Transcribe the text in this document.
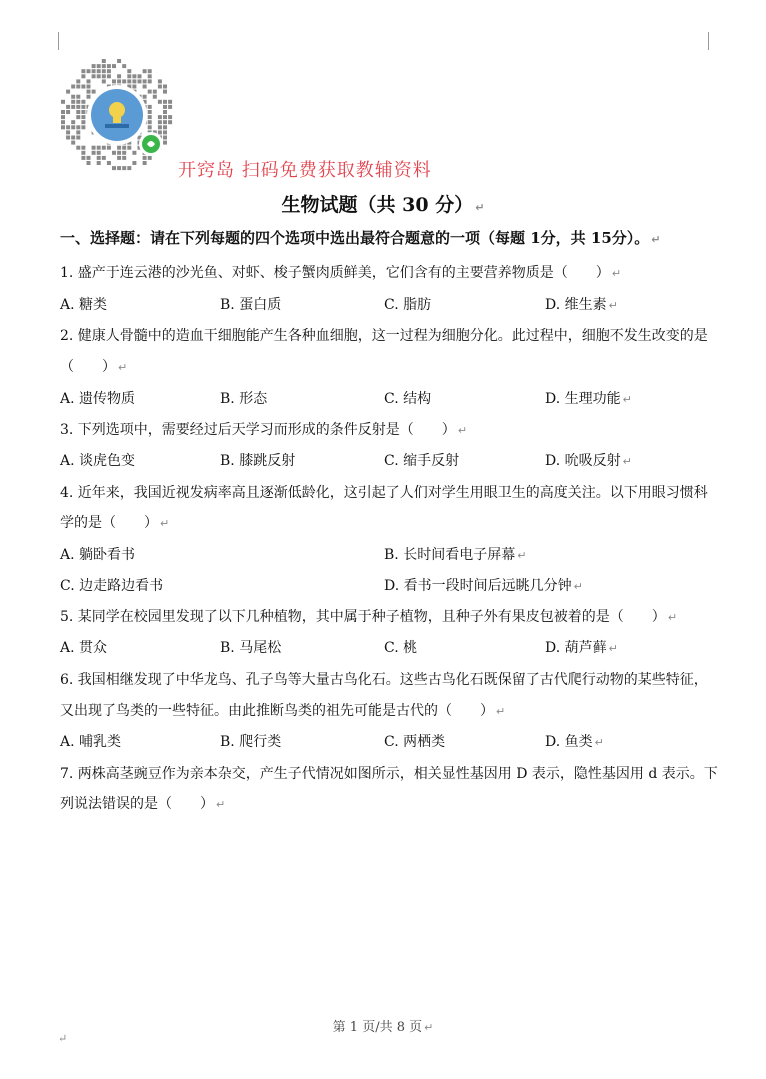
开窍岛 扫码免费获取教辅资料
生物试题（共 30 分） ↵
一、选择题：请在下列每题的四个选项中选出最符合题意的一项（每题 1分，共 15分）。 ↵
1. 盛产于连云港的沙光鱼、对虾、梭子蟹肉质鲜美，它们含有的主要营养物质是（　　） ↵
A. 糖类	B. 蛋白质	C. 脂肪	D. 维生素 ↵
2. 健康人骨髓中的造血干细胞能产生各种血细胞，这一过程为细胞分化。此过程中，细胞不发生改变的是
（　　） ↵
A. 遗传物质	B. 形态	C. 结构	D. 生理功能 ↵
3. 下列选项中，需要经过后天学习而形成的条件反射是（　　） ↵
A. 谈虎色变	B. 膝跳反射	C. 缩手反射	D. 吮吸反射 ↵
4. 近年来，我国近视发病率高且逐渐低龄化，这引起了人们对学生用眼卫生的高度关注。以下用眼习惯科
学的是（　　） ↵
A. 躺卧看书	B. 长时间看电子屏幕 ↵
C. 边走路边看书	D. 看书一段时间后远眺几分钟 ↵
5. 某同学在校园里发现了以下几种植物，其中属于种子植物，且种子外有果皮包被着的是（　　） ↵
A. 贯众	B. 马尾松	C. 桃	D. 葫芦藓 ↵
6. 我国相继发现了中华龙鸟、孔子鸟等大量古鸟化石。这些古鸟化石既保留了古代爬行动物的某些特征，
又出现了鸟类的一些特征。由此推断鸟类的祖先可能是古代的（　　） ↵
A. 哺乳类	B. 爬行类	C. 两栖类	D. 鱼类 ↵
7. 两株高茎豌豆作为亲本杂交，产生子代情况如图所示，相关显性基因用 D 表示，隐性基因用 d 表示。下
列说法错误的是（　　） ↵
第 1 页/共 8 页 ↵
↵
